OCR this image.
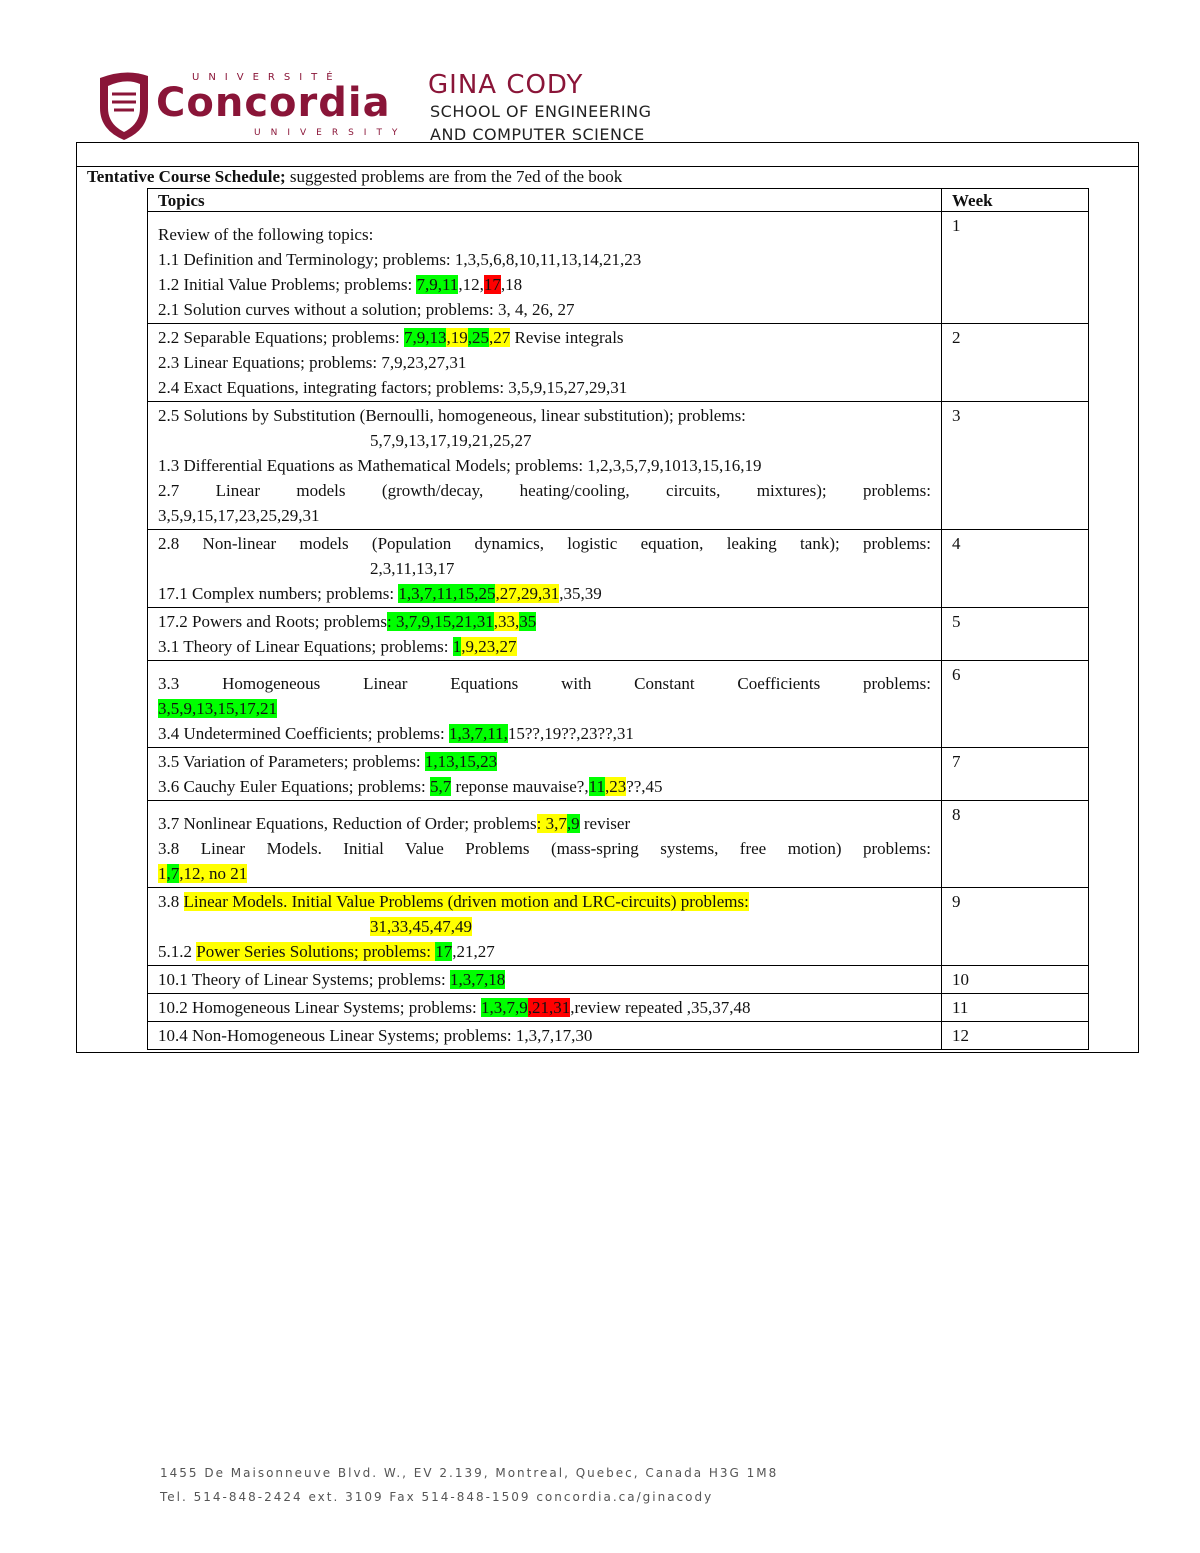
UNIVERSITÉ
Concordia
UNIVERSITY
GINA CODY
SCHOOL OF ENGINEERING
AND COMPUTER SCIENCE
Tentative Course Schedule; suggested problems are from the 7ed of the book
Topics	Week

Review of the following topics:
1.1 Definition and Terminology; problems: 1,3,5,6,8,10,11,13,14,21,23
1.2 Initial Value Problems; problems: 7,9,11,12,17,18
2.1 Solution curves without a solution; problems: 3, 4, 26, 27	1

2.2 Separable Equations; problems: 7,9,13,19,25,27 Revise integrals
2.3 Linear Equations; problems: 7,9,23,27,31
2.4 Exact Equations, integrating factors; problems: 3,5,9,15,27,29,31	2

2.5 Solutions by Substitution (Bernoulli, homogeneous, linear substitution); problems:
5,7,9,13,17,19,21,25,27
1.3 Differential Equations as Mathematical Models; problems: 1,2,3,5,7,9,1013,15,16,19
2.7 Linear models (growth/decay, heating/cooling, circuits, mixtures); problems:
3,5,9,15,17,23,25,29,31	3

2.8 Non-linear models (Population dynamics, logistic equation, leaking tank); problems:
2,3,11,13,17
17.1 Complex numbers; problems: 1,3,7,11,15,25,27,29,31,35,39	4

17.2 Powers and Roots; problems: 3,7,9,15,21,31,33,35
3.1 Theory of Linear Equations; problems: 1,9,23,27	5

3.3 Homogeneous Linear Equations with Constant Coefficients problems:
3,5,9,13,15,17,21
3.4 Undetermined Coefficients; problems: 1,3,7,11,15??,19??,23??,31	6

3.5 Variation of Parameters; problems: 1,13,15,23
3.6 Cauchy Euler Equations; problems: 5,7 reponse mauvaise?,11,23??,45	7

3.7 Nonlinear Equations, Reduction of Order; problems: 3,7,9 reviser
3.8 Linear Models. Initial Value Problems (mass-spring systems, free motion) problems:
1,7,12, no 21	8

3.8 Linear Models. Initial Value Problems (driven motion and LRC-circuits) problems:
31,33,45,47,49
5.1.2 Power Series Solutions; problems: 17,21,27	9

10.1 Theory of Linear Systems; problems: 1,3,7,18	10

10.2 Homogeneous Linear Systems; problems: 1,3,7,9,21,31,review repeated ,35,37,48	11

10.4 Non-Homogeneous Linear Systems; problems: 1,3,7,17,30	12
1455 De Maisonneuve Blvd. W., EV 2.139, Montreal, Quebec, Canada H3G 1M8
Tel. 514-848-2424 ext. 3109 Fax 514-848-1509 concordia.ca/ginacody
